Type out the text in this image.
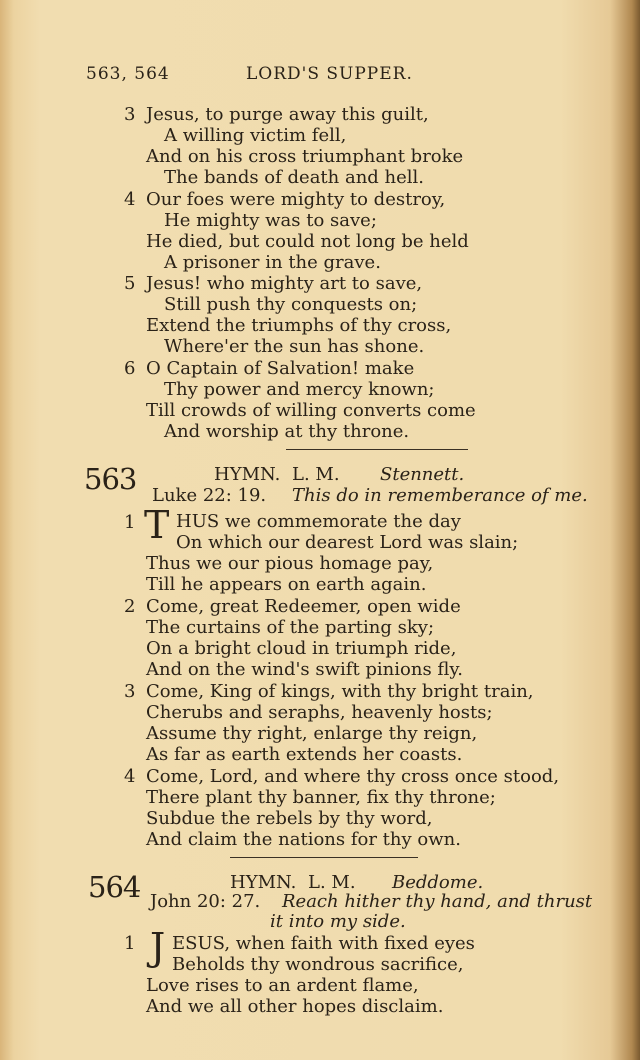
563, 564	LORD'S SUPPER.
3 Jesus, to purge away this guilt,
A willing victim fell,
And on his cross triumphant broke
The bands of death and hell.
4 Our foes were mighty to destroy,
He mighty was to save;
He died, but could not long be held
A prisoner in the grave.
5 Jesus! who mighty art to save,
Still push thy conquests on;
Extend the triumphs of thy cross,
Where'er the sun has shone.
6 O Captain of Salvation! make
Thy power and mercy known;
Till crowds of willing converts come
And worship at thy throne.
563	HYMN. L. M. Stennett.
Luke 22: 19. This do in rememberance of me.
1 T HUS we commemorate the day
On which our dearest Lord was slain;
Thus we our pious homage pay,
Till he appears on earth again.
2 Come, great Redeemer, open wide
The curtains of the parting sky;
On a bright cloud in triumph ride,
And on the wind's swift pinions fly.
3 Come, King of kings, with thy bright train,
Cherubs and seraphs, heavenly hosts;
Assume thy right, enlarge thy reign,
As far as earth extends her coasts.
4 Come, Lord, and where thy cross once stood,
There plant thy banner, fix thy throne;
Subdue the rebels by thy word,
And claim the nations for thy own.
564	HYMN. L. M. Beddome.
John 20: 27. Reach hither thy hand, and thrust
it into my side.
1 J ESUS, when faith with fixed eyes
Beholds thy wondrous sacrifice,
Love rises to an ardent flame,
And we all other hopes disclaim.
